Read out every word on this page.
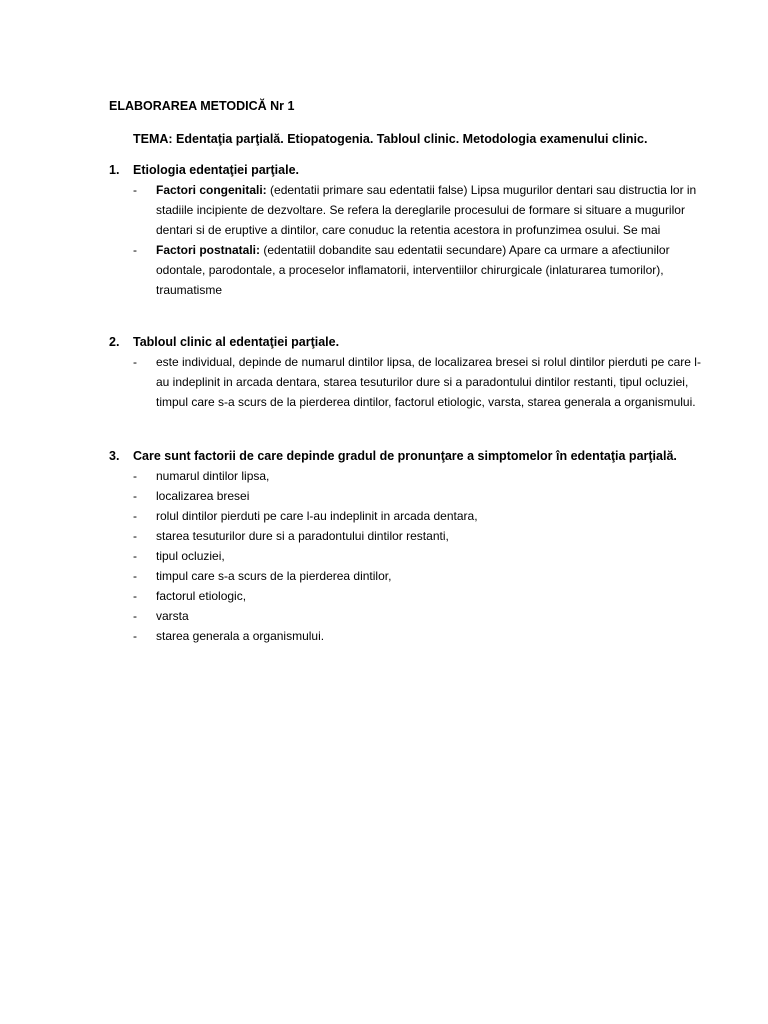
ELABORAREA METODICĂ Nr 1
TEMA: Edentaţia parţială. Etiopatogenia. Tabloul clinic. Metodologia examenului clinic.
1.	Etiologia edentaţiei parţiale.
-	Factori congenitali: (edentatii primare sau edentatii false) Lipsa mugurilor dentari sau distructia lor in stadiile incipiente de dezvoltare. Se refera la dereglarile procesului de formare si situare a mugurilor dentari si de eruptive a dintilor, care conuduc la retentia acestora in profunzimea osului. Se mai
-	Factori postnatali: (edentatiil dobandite sau edentatii secundare) Apare ca urmare a afectiunilor odontale, parodontale, a proceselor inflamatorii, interventiilor chirurgicale (inlaturarea tumorilor), traumatisme
2.	Tabloul clinic al edentaţiei parţiale.
-	este individual, depinde de numarul dintilor lipsa, de localizarea bresei si rolul dintilor pierduti pe care l-au indeplinit in arcada dentara, starea tesuturilor dure si a paradontului dintilor restanti, tipul ocluziei, timpul care s-a scurs de la pierderea dintilor, factorul etiologic, varsta, starea generala a organismului.
3.	Care sunt factorii de care depinde gradul de pronunţare a simptomelor în edentaţia parţială.
-	numarul dintilor lipsa,
-	localizarea bresei
-	rolul dintilor pierduti pe care l-au indeplinit in arcada dentara,
-	starea tesuturilor dure si a paradontului dintilor restanti,
-	tipul ocluziei,
-	timpul care s-a scurs de la pierderea dintilor,
-	factorul etiologic,
-	varsta
-	starea generala a organismului.
